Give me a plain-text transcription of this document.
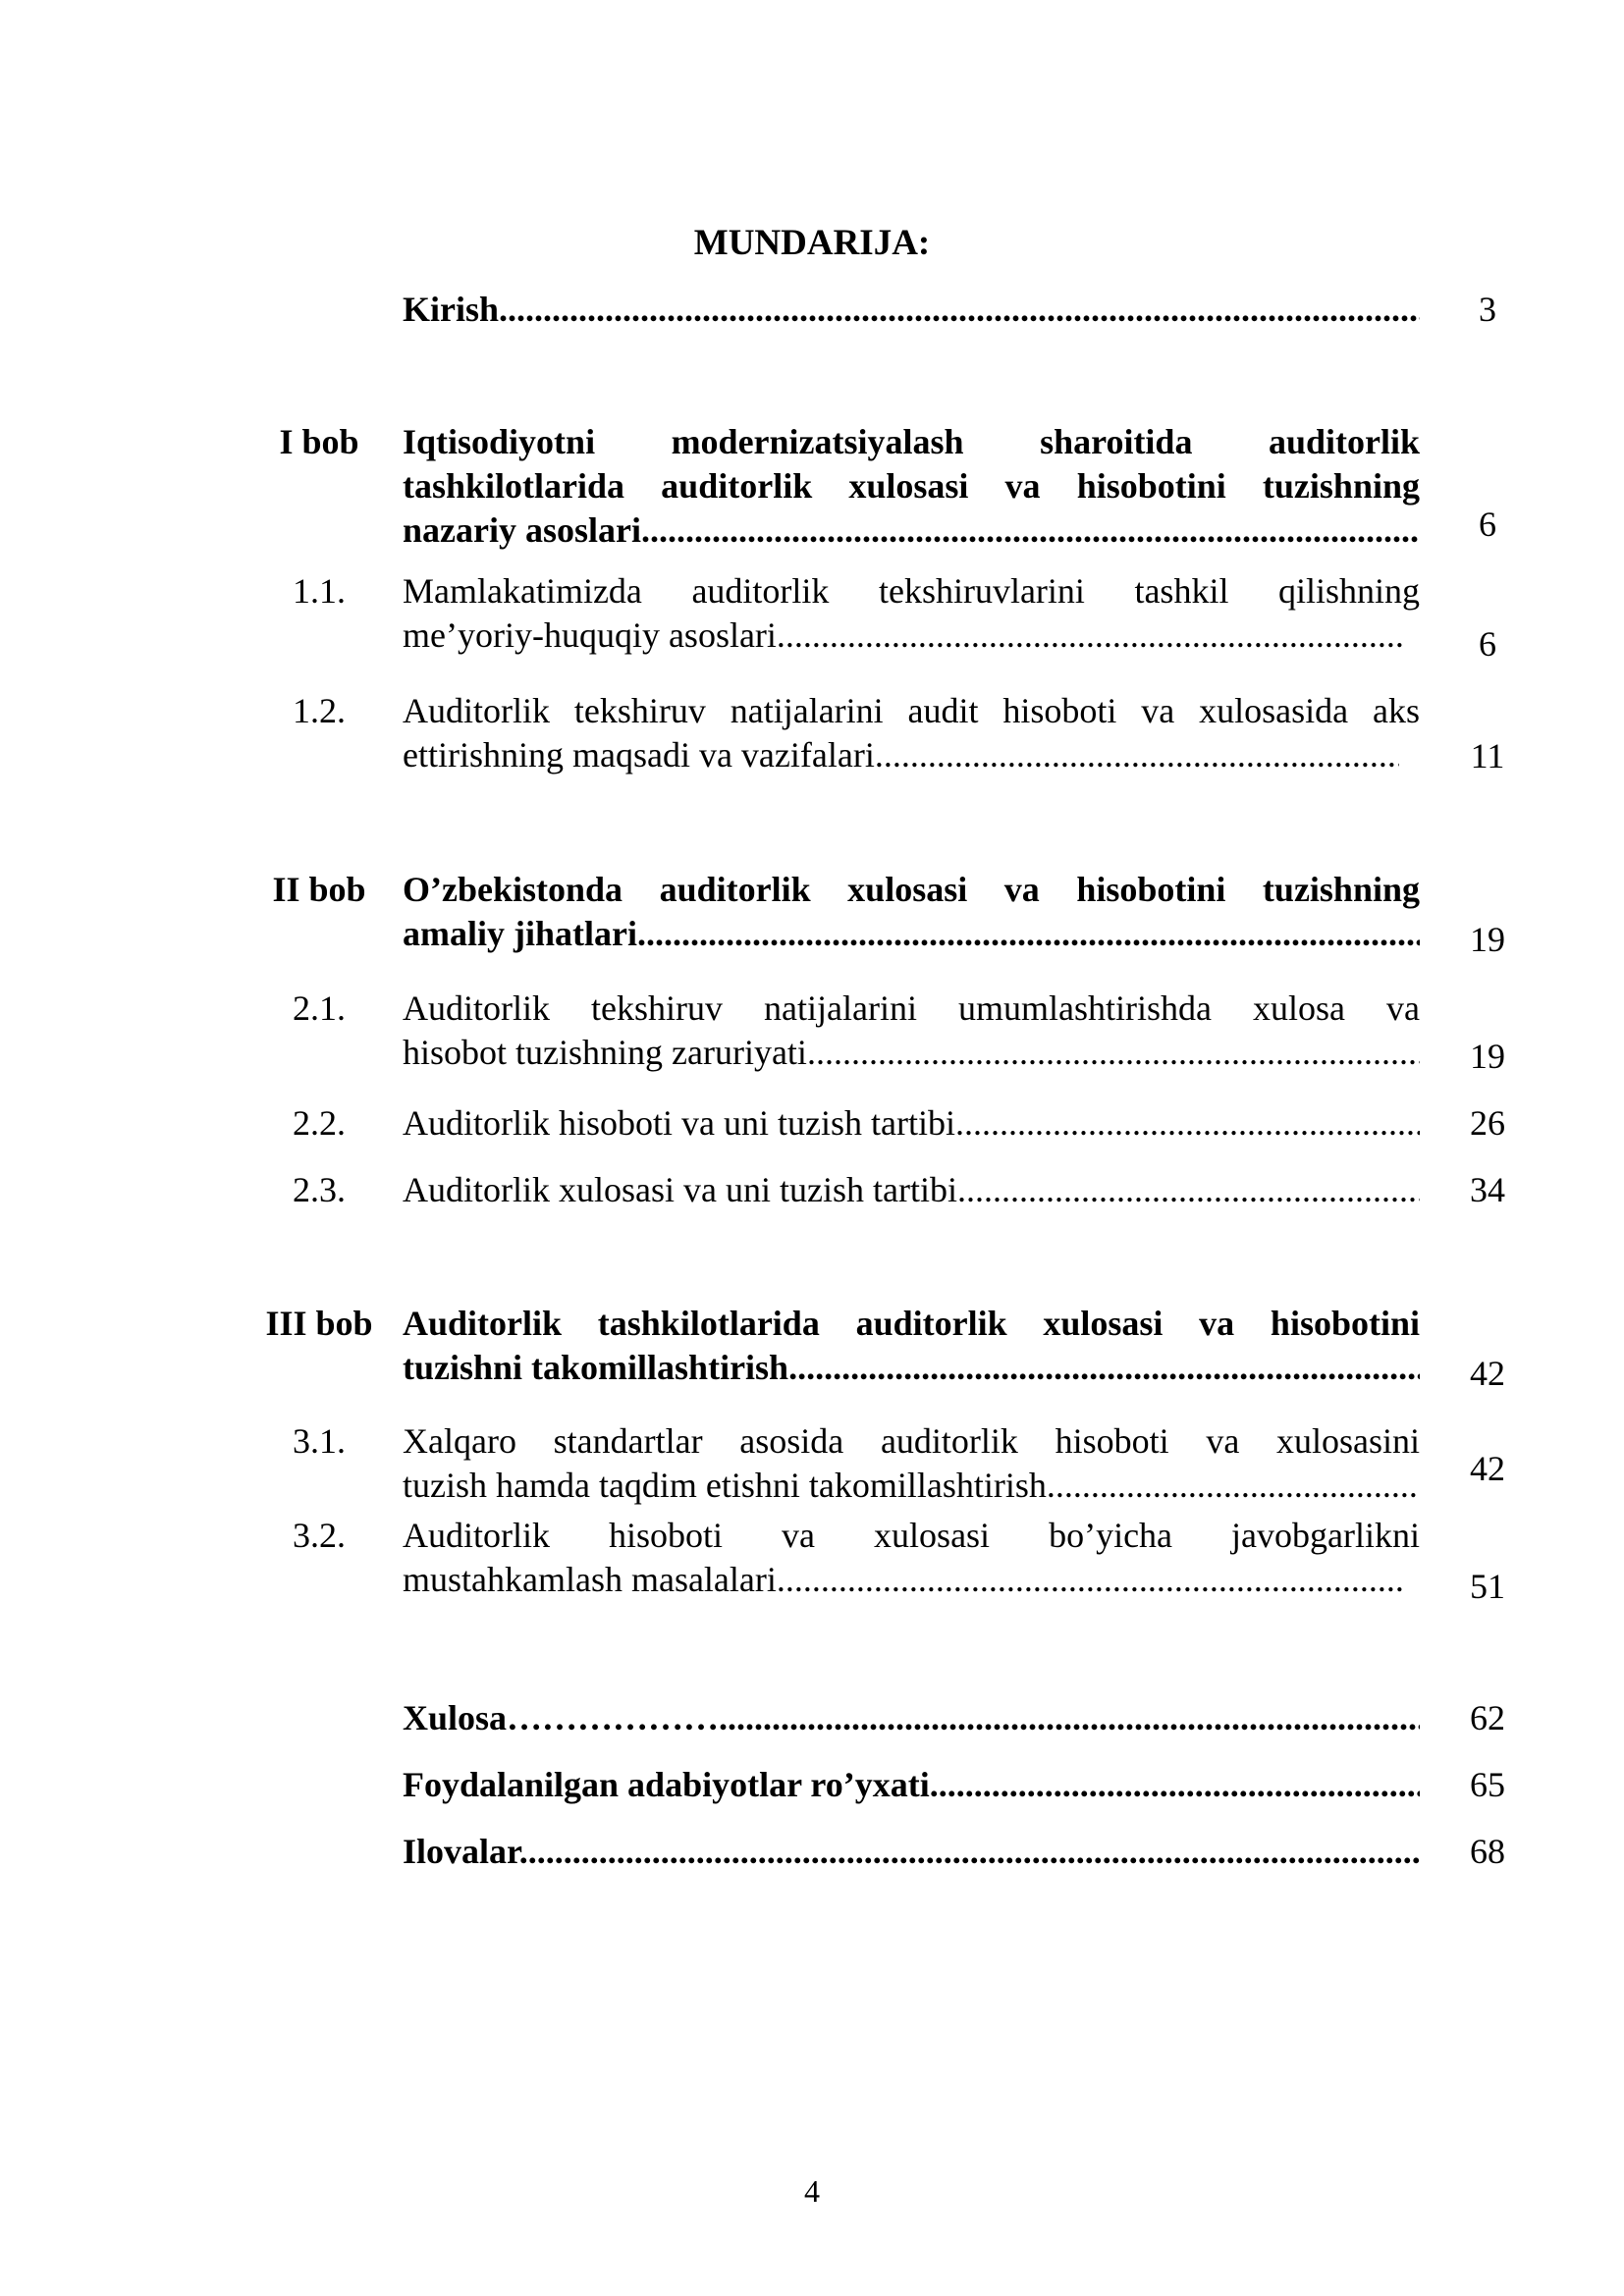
MUNDARIJA:
Kirish .....	3
I bob	Iqtisodiyotni modernizatsiyalash sharoitida auditorlik
tashkilotlarida auditorlik xulosasi va hisobotini tuzishning
nazariy asoslari .....	6
1.1.	Mamlakatimizda auditorlik tekshiruvlarini tashkil qilishning
me’yoriy-huquqiy asoslari .....	6
1.2.	Auditorlik tekshiruv natijalarini audit hisoboti va xulosasida aks
ettirishning maqsadi va vazifalari .....	11
II bob	O’zbekistonda auditorlik xulosasi va hisobotini tuzishning
amaliy jihatlari .....	19
2.1.	Auditorlik tekshiruv natijalarini umumlashtirishda xulosa va
hisobot tuzishning zaruriyati .....	19
2.2.	Auditorlik hisoboti va uni tuzish tartibi .....	26
2.3.	Auditorlik xulosasi va uni tuzish tartibi .....	34
III bob Auditorlik tashkilotlarida auditorlik xulosasi va hisobotini
tuzishni takomillashtirish .....	42
3.1.	Xalqaro standartlar asosida auditorlik hisoboti va xulosasini
tuzish hamda taqdim etishni takomillashtirish .....	42
3.2.	Auditorlik hisoboti va xulosasi bo’yicha javobgarlikni
mustahkamlash masalalari .....	51
Xulosa……………… .....	62
Foydalanilgan adabiyotlar ro’yxati .....	65
Ilovalar .....	68
4
